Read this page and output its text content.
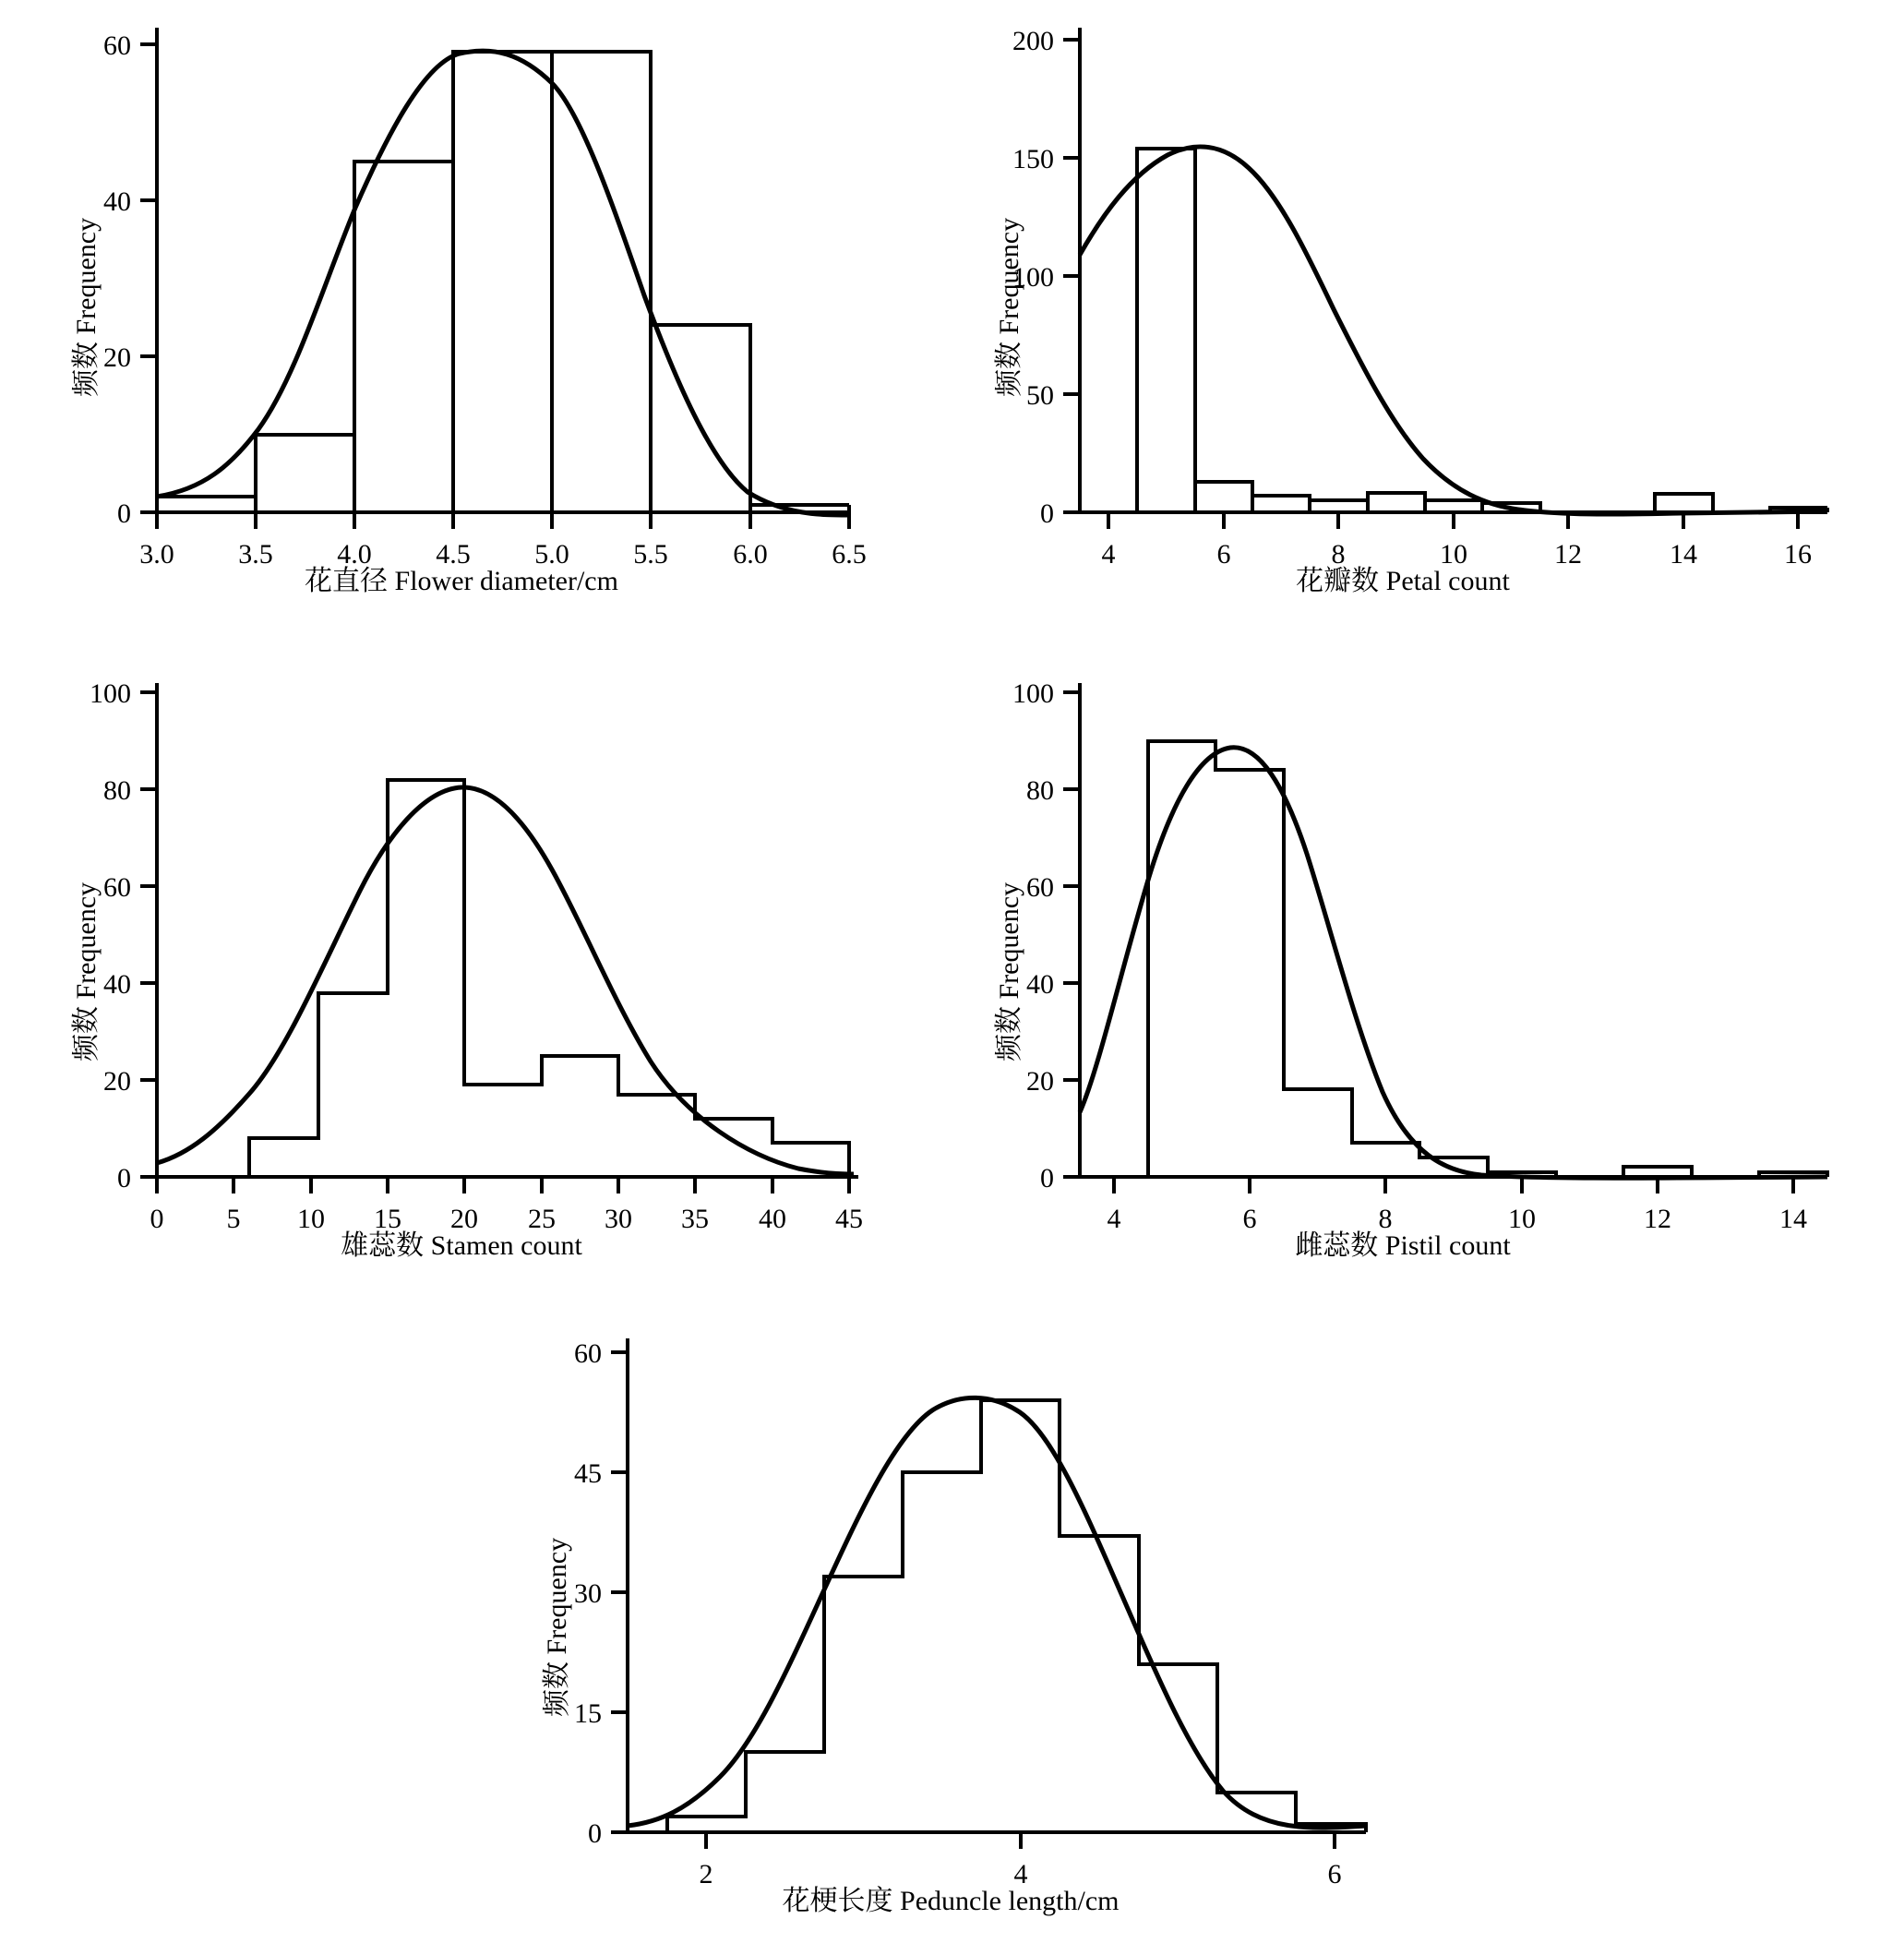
频数 Frequency
0
20
40
60
3.0 3.5 4.0 4.5 5.0 5.5 6.0 6.5
花直径 Flower diameter/cm
频数 Frequency
0
50
100
150
200
4	6	8	10	12	14	16
花瓣数 Petal count
频数 Frequency
0
20
40
60
80
100
0 5 10 15 20 25 30 35 40 45
雄蕊数 Stamen count
频数 Frequency
0
20
40
60
80
100
4	6	8	10	12	14
雌蕊数 Pistil count
频数 Frequency
0
15
30
45
60
2	4	6
花梗长度 Peduncle length/cm
